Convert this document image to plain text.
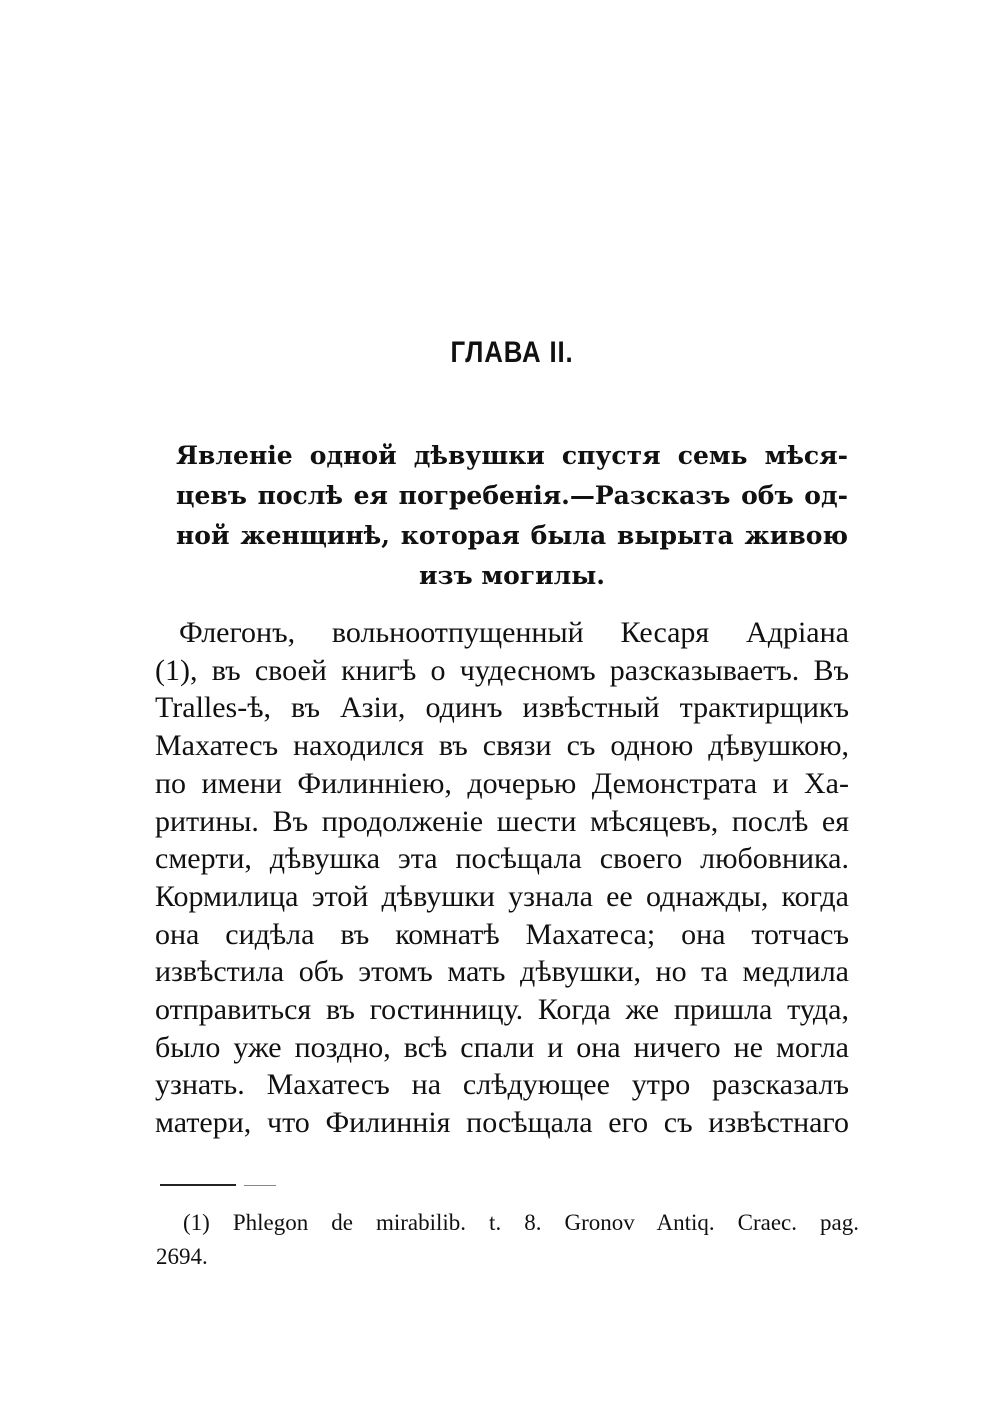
ГЛАВА II.
Явленіе одной дѣвушки спустя семь мѣся-
цевъ послѣ ея погребенія.—Разсказъ объ од-
ной женщинѣ, которая была вырыта живою
изъ могилы.
Флегонъ, вольноотпущенный Кесаря Адріана
(1), въ своей книгѣ о чудесномъ разсказываетъ. Въ
Tralles-ѣ, въ Азіи, одинъ извѣстный трактирщикъ
Махатесъ находился въ связи съ одною дѣвушкою,
по имени Филинніею, дочерью Демонстрата и Ха-
ритины. Въ продолженіе шести мѣсяцевъ, послѣ ея
смерти, дѣвушка эта посѣщала своего любовника.
Кормилица этой дѣвушки узнала ее однажды, когда
она сидѣла въ комнатѣ Махатеса; она тотчасъ
извѣстила объ этомъ мать дѣвушки, но та медлила
отправиться въ гостинницу. Когда же пришла туда,
было уже поздно, всѣ спали и она ничего не могла
узнать. Махатесъ на слѣдующее утро разсказалъ
матери, что Филиннія посѣщала его съ извѣстнаго
(1) Phlegon de mirabilib. t. 8. Gronov Antiq. Craec. pag.
2694.
